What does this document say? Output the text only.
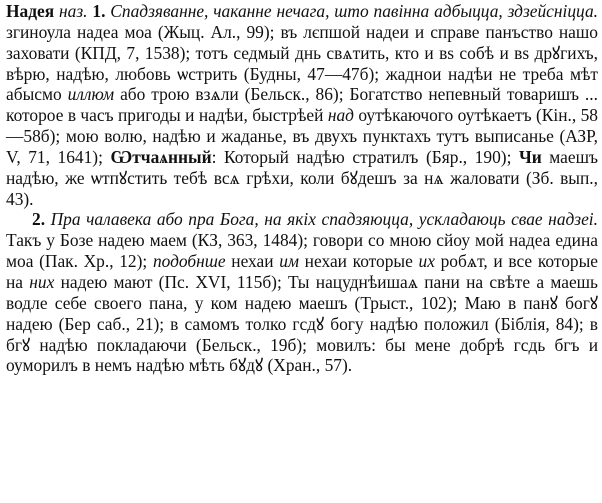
Надея наз. 1. Спадзяванне, чаканне нечага, што павінна адбыцца, здзейсніцца. згиноула надеа моа (Жыц. Ал., 99); въ лєпшой надеи и справе панъство нашо заховати (КПД, 7, 1538); тотъ седмый днь свѧтить, кто и вѕ собѣ и вѕ дрꙋгихъ, вѣрю, надѣю, любовь ѡстрить (Будны, 47—47б); жаднои надѣи не треба мѣт абысмо иллюм або трою взѧли (Бельск., 86); Богатство непевный товаришъ ... которое в часъ пригоды и надѣи, быстрѣей над оутѣкаючого оутѣкаетъ (Кін., 58—58б); мою волю, надѣю и жаданье, въ двухъ пунктахъ тутъ выписанье (АЗР, V, 71, 1641); Ѡтчаѧнный: Который надѣю стратилъ (Бяр., 190); Чи маешъ надѣю, же ѡтпꙋстить тебѣ всѧ грѣхи, коли бꙋдешъ за нѧ жаловати (Зб. вып., 43).

2. Пра чалавека або пра Бога, на якіх спадзяюцца, ускладаюць свае надзеі. Такъ у Бозе надею маем (КЗ, 363, 1484); говори со мною сйоу мой надеа едина моа (Пак. Хр., 12); подобнше нехаи им нехаи которые их робѧт, и все которые на них надею мают (Пс. XVI, 115б); Ты нацуднѣишаѧ пани на свѣте а маешь водле себе своего пана, у ком надею маешъ (Трыст., 102); Маю в панꙋ богꙋ надею (Бер саб., 21); в самомъ толко гсдꙋ богу надѣю положил (Біблія, 84); в бгꙋ надѣю покладаючи (Бельск., 19б); мовилъ: бы мене добрѣ гсдь бгъ и оуморилъ в немъ надѣю мѣть бꙋдꙋ (Хран., 57).
